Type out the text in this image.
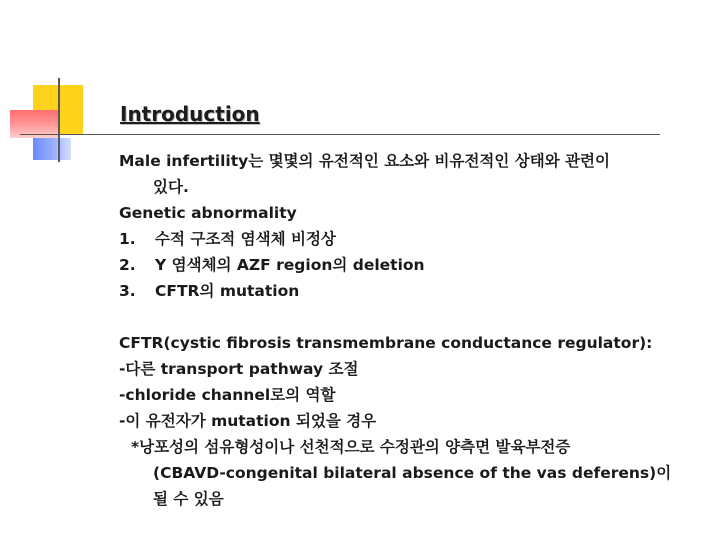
Introduction
Male infertility는 몇몇의 유전적인 요소와 비유전적인 상태와 관련이
있다.
Genetic abnormality
1.	수적 구조적 염색체 비정상
2.	Y 염색체의 AZF region의 deletion
3.	CFTR의 mutation
CFTR(cystic fibrosis transmembrane conductance regulator):
-다른 transport pathway 조절
-chloride channel로의 역할
-이 유전자가 mutation 되었을 경우
*낭포성의 섬유형성이나 선천적으로 수정관의 양측면 발육부전증
(CBAVD-congenital bilateral absence of the vas deferens)이
될 수 있음
